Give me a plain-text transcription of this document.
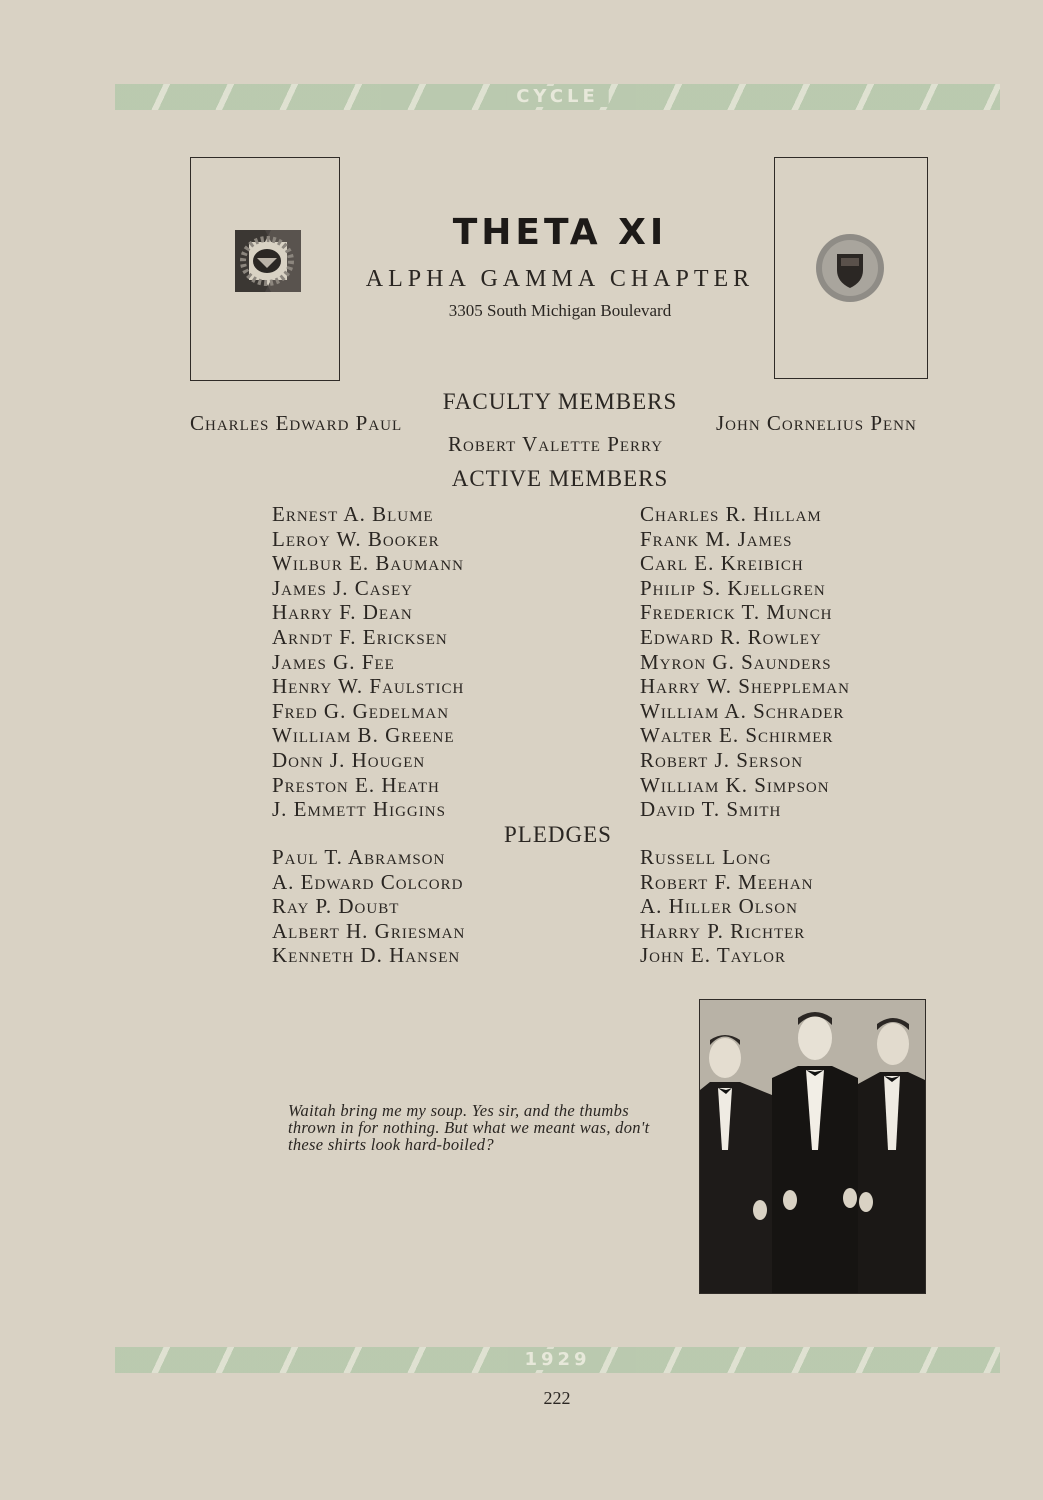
CYCLE
1929
THETA XI
ALPHA GAMMA CHAPTER
3305 South Michigan Boulevard
FACULTY MEMBERS
Charles Edward Paul	John Cornelius Penn
Robert Valette Perry
ACTIVE MEMBERS
Ernest A. Blume
Leroy W. Booker
Wilbur E. Baumann
James J. Casey
Harry F. Dean
Arndt F. Ericksen
James G. Fee
Henry W. Faulstich
Fred G. Gedelman
William B. Greene
Donn J. Hougen
Preston E. Heath
J. Emmett Higgins
Charles R. Hillam
Frank M. James
Carl E. Kreibich
Philip S. Kjellgren
Frederick T. Munch
Edward R. Rowley
Myron G. Saunders
Harry W. Sheppleman
William A. Schrader
Walter E. Schirmer
Robert J. Serson
William K. Simpson
David T. Smith
PLEDGES
Paul T. Abramson
A. Edward Colcord
Ray P. Doubt
Albert H. Griesman
Kenneth D. Hansen
Russell Long
Robert F. Meehan
A. Hiller Olson
Harry P. Richter
John E. Taylor
Waitah bring me my soup. Yes sir, and the thumbs thrown in for nothing. But what we meant was, don't these shirts look hard-boiled?
222
